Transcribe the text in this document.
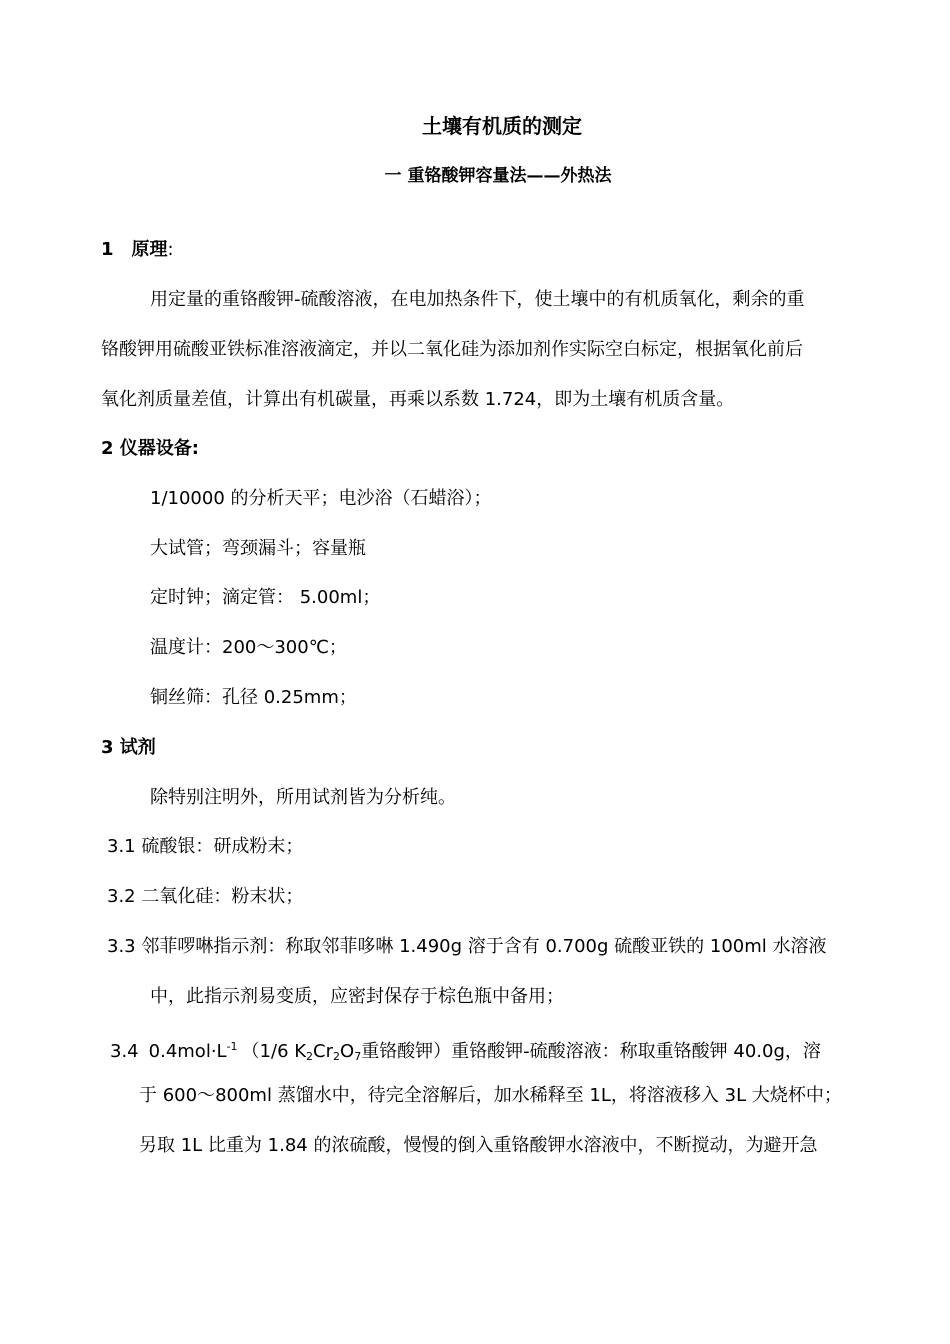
土壤有机质的测定
一 重铬酸钾容量法——外热法
1 原理:
用定量的重铬酸钾-硫酸溶液，在电加热条件下，使土壤中的有机质氧化，剩余的重
铬酸钾用硫酸亚铁标准溶液滴定，并以二氧化硅为添加剂作实际空白标定，根据氧化前后
氧化剂质量差值，计算出有机碳量，再乘以系数 1.724，即为土壤有机质含量。
2 仪器设备:
1/10000 的分析天平；电沙浴（石蜡浴）；
大试管；弯颈漏斗；容量瓶
定时钟；滴定管： 5.00ml；
温度计：200～300℃；
铜丝筛：孔径 0.25mm；
3 试剂
除特别注明外，所用试剂皆为分析纯。
3.1 硫酸银：研成粉末；
3.2 二氧化硅：粉末状；
3.3 邻菲啰啉指示剂：称取邻菲哆啉 1.490g 溶于含有 0.700g 硫酸亚铁的 100ml 水溶液
中，此指示剂易变质，应密封保存于棕色瓶中备用；
3.4 $0.4mol\cdot L^{-1}$ （1/6 $K_2Cr_2O_7$重铬酸钾）重铬酸钾-硫酸溶液：称取重铬酸钾 40.0g，溶
于 600～800ml 蒸馏水中，待完全溶解后，加水稀释至 1L，将溶液移入 3L 大烧杯中；
另取 1L 比重为 1.84 的浓硫酸，慢慢的倒入重铬酸钾水溶液中，不断搅动，为避开急
